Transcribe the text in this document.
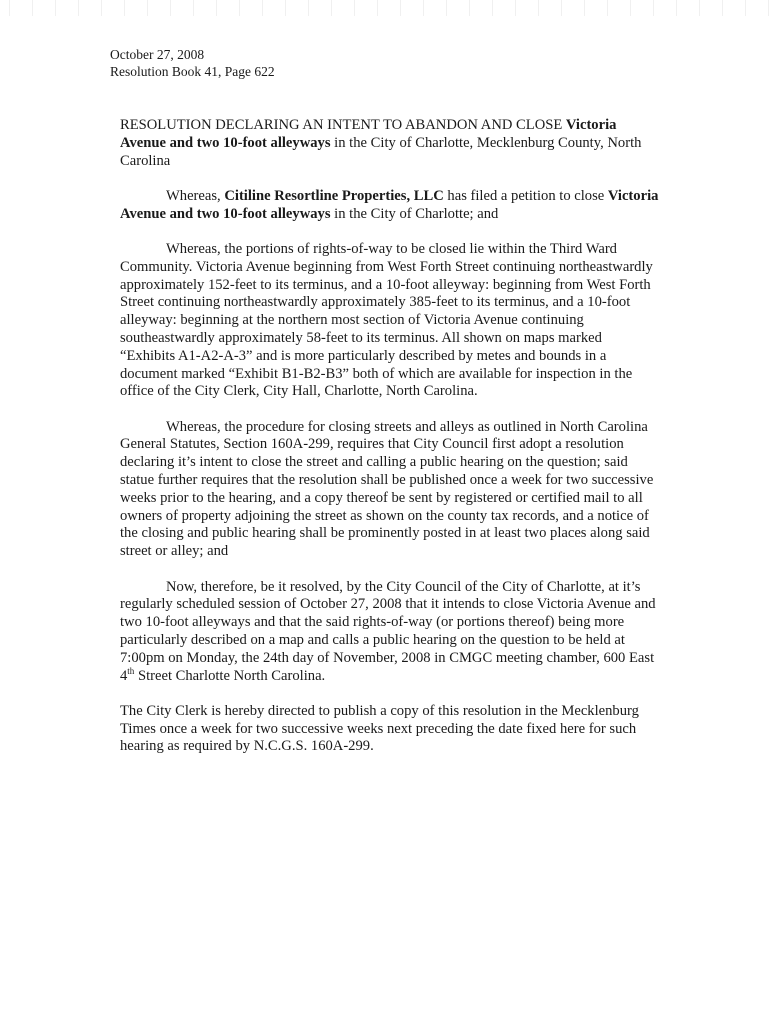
October 27, 2008
Resolution Book 41, Page 622

RESOLUTION DECLARING AN INTENT TO ABANDON AND CLOSE Victoria Avenue and two 10-foot alleyways in the City of Charlotte, Mecklenburg County, North Carolina

Whereas, Citiline Resortline Properties, LLC has filed a petition to close Victoria Avenue and two 10-foot alleyways in the City of Charlotte; and

Whereas, the portions of rights-of-way to be closed lie within the Third Ward Community. Victoria Avenue beginning from West Forth Street continuing northeastwardly approximately 152-feet to its terminus, and a 10-foot alleyway: beginning from West Forth Street continuing northeastwardly approximately 385-feet to its terminus, and a 10-foot alleyway: beginning at the northern most section of Victoria Avenue continuing southeastwardly approximately 58-feet to its terminus. All shown on maps marked “Exhibits A1-A2-A-3” and is more particularly described by metes and bounds in a document marked “Exhibit B1-B2-B3” both of which are available for inspection in the office of the City Clerk, City Hall, Charlotte, North Carolina.

Whereas, the procedure for closing streets and alleys as outlined in North Carolina General Statutes, Section 160A-299, requires that City Council first adopt a resolution declaring it’s intent to close the street and calling a public hearing on the question; said statue further requires that the resolution shall be published once a week for two successive weeks prior to the hearing, and a copy thereof be sent by registered or certified mail to all owners of property adjoining the street as shown on the county tax records, and a notice of the closing and public hearing shall be prominently posted in at least two places along said street or alley; and

Now, therefore, be it resolved, by the City Council of the City of Charlotte, at it’s regularly scheduled session of October 27, 2008 that it intends to close Victoria Avenue and two 10-foot alleyways and that the said rights-of-way (or portions thereof) being more particularly described on a map and calls a public hearing on the question to be held at 7:00pm on Monday, the 24th day of November, 2008 in CMGC meeting chamber, 600 East 4th Street Charlotte North Carolina.

The City Clerk is hereby directed to publish a copy of this resolution in the Mecklenburg Times once a week for two successive weeks next preceding the date fixed here for such hearing as required by N.C.G.S. 160A-299.
